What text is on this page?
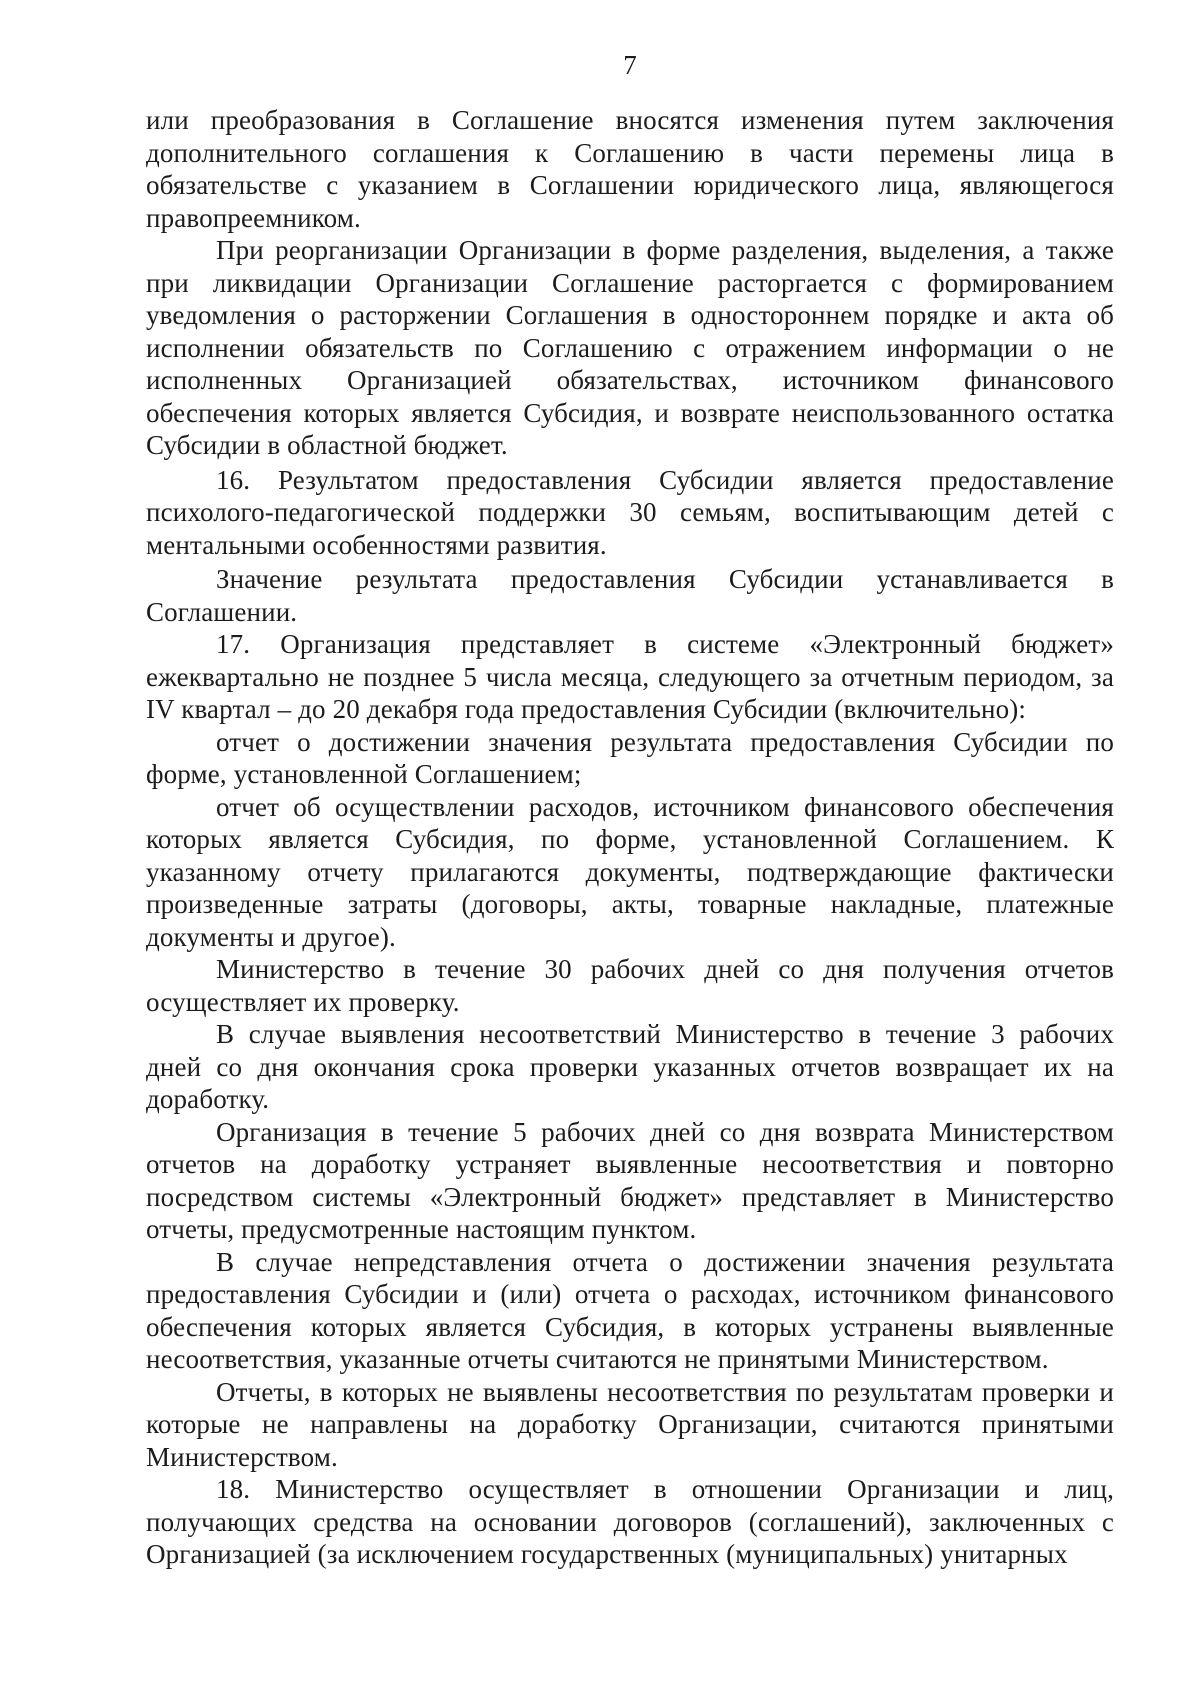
7

или преобразования в Соглашение вносятся изменения путем заключения дополнительного соглашения к Соглашению в части перемены лица в обязательстве с указанием в Соглашении юридического лица, являющегося правопреемником.

При реорганизации Организации в форме разделения, выделения, а также при ликвидации Организации Соглашение расторгается с формированием уведомления о расторжении Соглашения в одностороннем порядке и акта об исполнении обязательств по Соглашению с отражением информации о не исполненных Организацией обязательствах, источником финансового обеспечения которых является Субсидия, и возврате неиспользованного остатка Субсидии в областной бюджет.

16. Результатом предоставления Субсидии является предоставление психолого-педагогической поддержки 30 семьям, воспитывающим детей с ментальными особенностями развития.

Значение результата предоставления Субсидии устанавливается в Соглашении.

17. Организация представляет в системе «Электронный бюджет» ежеквартально не позднее 5 числа месяца, следующего за отчетным периодом, за IV квартал – до 20 декабря года предоставления Субсидии (включительно):

отчет о достижении значения результата предоставления Субсидии по форме, установленной Соглашением;

отчет об осуществлении расходов, источником финансового обеспечения которых является Субсидия, по форме, установленной Соглашением. К указанному отчету прилагаются документы, подтверждающие фактически произведенные затраты (договоры, акты, товарные накладные, платежные документы и другое).

Министерство в течение 30 рабочих дней со дня получения отчетов осуществляет их проверку.

В случае выявления несоответствий Министерство в течение 3 рабочих дней со дня окончания срока проверки указанных отчетов возвращает их на доработку.

Организация в течение 5 рабочих дней со дня возврата Министерством отчетов на доработку устраняет выявленные несоответствия и повторно посредством системы «Электронный бюджет» представляет в Министерство отчеты, предусмотренные настоящим пунктом.

В случае непредставления отчета о достижении значения результата предоставления Субсидии и (или) отчета о расходах, источником финансового обеспечения которых является Субсидия, в которых устранены выявленные несоответствия, указанные отчеты считаются не принятыми Министерством.

Отчеты, в которых не выявлены несоответствия по результатам проверки и которые не направлены на доработку Организации, считаются принятыми Министерством.

18. Министерство осуществляет в отношении Организации и лиц, получающих средства на основании договоров (соглашений), заключенных с Организацией (за исключением государственных (муниципальных) унитарных
